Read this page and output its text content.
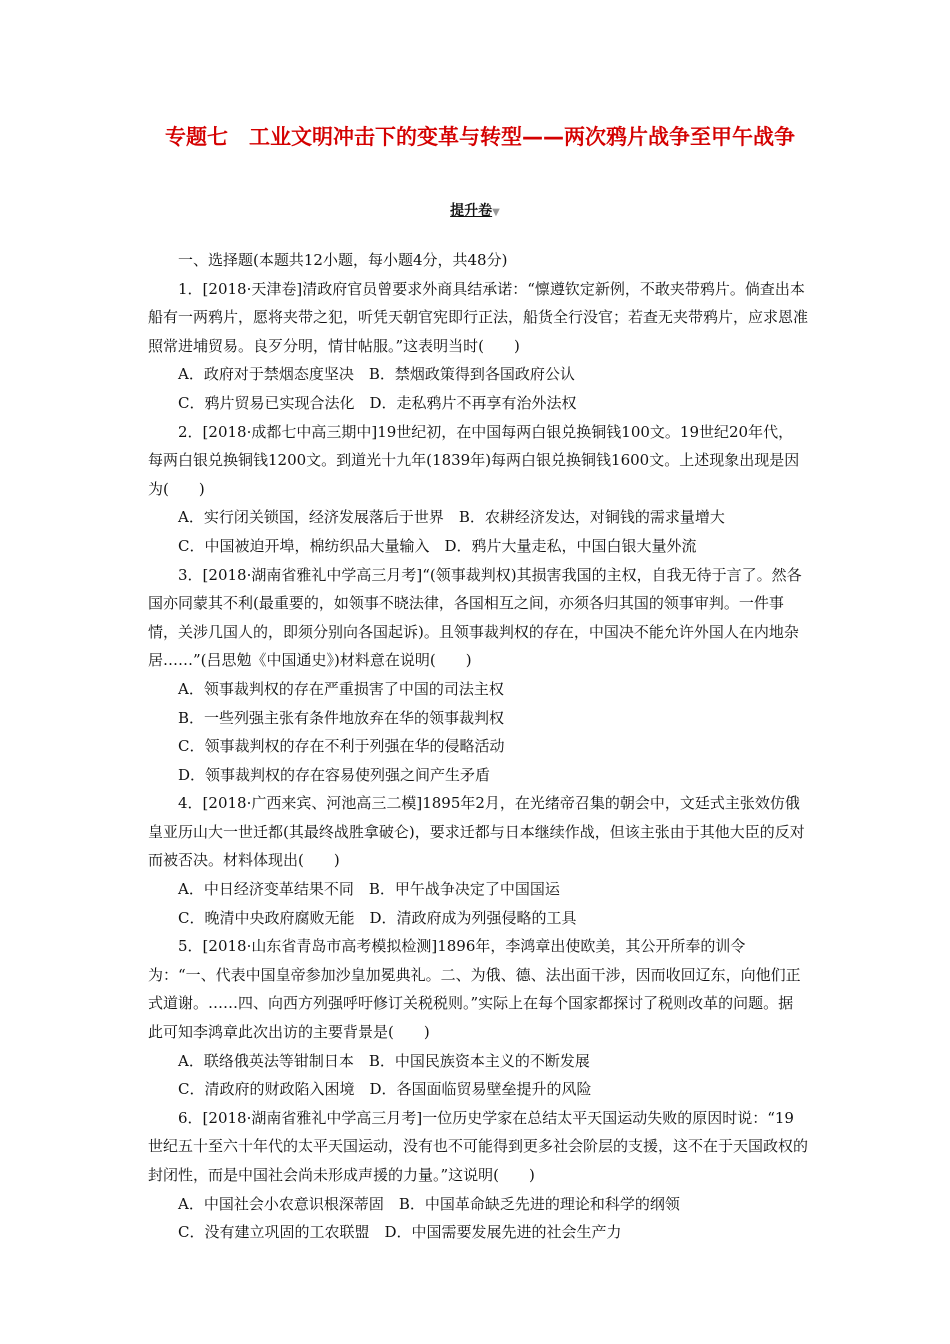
专题七　工业文明冲击下的变革与转型——两次鸦片战争至甲午战争
提升卷▼

一、选择题(本题共12小题，每小题4分，共48分)

1．[2018·天津卷]清政府官员曾要求外商具结承诺：“懔遵钦定新例，不敢夹带鸦片。倘查出本船有一两鸦片，愿将夹带之犯，听凭天朝官宪即行正法，船货全行没官；若查无夹带鸦片，应求恩准照常进埔贸易。良歹分明，情甘帖服。”这表明当时(　　)

A．政府对于禁烟态度坚决　B．禁烟政策得到各国政府公认

C．鸦片贸易已实现合法化　D．走私鸦片不再享有治外法权

2．[2018·成都七中高三期中]19世纪初，在中国每两白银兑换铜钱100文。19世纪20年代，每两白银兑换铜钱1200文。到道光十九年(1839年)每两白银兑换铜钱1600文。上述现象出现是因为(　　)

A．实行闭关锁国，经济发展落后于世界　B．农耕经济发达，对铜钱的需求量增大

C．中国被迫开埠，棉纺织品大量输入　D．鸦片大量走私，中国白银大量外流

3．[2018·湖南省雅礼中学高三月考]“(领事裁判权)其损害我国的主权，自我无待于言了。然各国亦同蒙其不利(最重要的，如领事不晓法律，各国相互之间，亦须各归其国的领事审判。一件事情，关涉几国人的，即须分别向各国起诉)。且领事裁判权的存在，中国决不能允许外国人在内地杂居……”(吕思勉《中国通史》)材料意在说明(　　)

A．领事裁判权的存在严重损害了中国的司法主权

B．一些列强主张有条件地放弃在华的领事裁判权

C．领事裁判权的存在不利于列强在华的侵略活动

D．领事裁判权的存在容易使列强之间产生矛盾

4．[2018·广西来宾、河池高三二模]1895年2月，在光绪帝召集的朝会中，文廷式主张效仿俄皇亚历山大一世迁都(其最终战胜拿破仑)，要求迁都与日本继续作战，但该主张由于其他大臣的反对而被否决。材料体现出(　　)

A．中日经济变革结果不同　B．甲午战争决定了中国国运

C．晚清中央政府腐败无能　D．清政府成为列强侵略的工具

5．[2018·山东省青岛市高考模拟检测]1896年，李鸿章出使欧美，其公开所奉的训令为：“一、代表中国皇帝参加沙皇加冕典礼。二、为俄、德、法出面干涉，因而收回辽东，向他们正式道谢。……四、向西方列强呼吁修订关税税则。”实际上在每个国家都探讨了税则改革的问题。据此可知李鸿章此次出访的主要背景是(　　)

A．联络俄英法等钳制日本　B．中国民族资本主义的不断发展

C．清政府的财政陷入困境　D．各国面临贸易壁垒提升的风险

6．[2018·湖南省雅礼中学高三月考]一位历史学家在总结太平天国运动失败的原因时说：“19世纪五十至六十年代的太平天国运动，没有也不可能得到更多社会阶层的支援，这不在于天国政权的封闭性，而是中国社会尚未形成声援的力量。”这说明(　　)

A．中国社会小农意识根深蒂固　B．中国革命缺乏先进的理论和科学的纲领

C．没有建立巩固的工农联盟　D．中国需要发展先进的社会生产力
